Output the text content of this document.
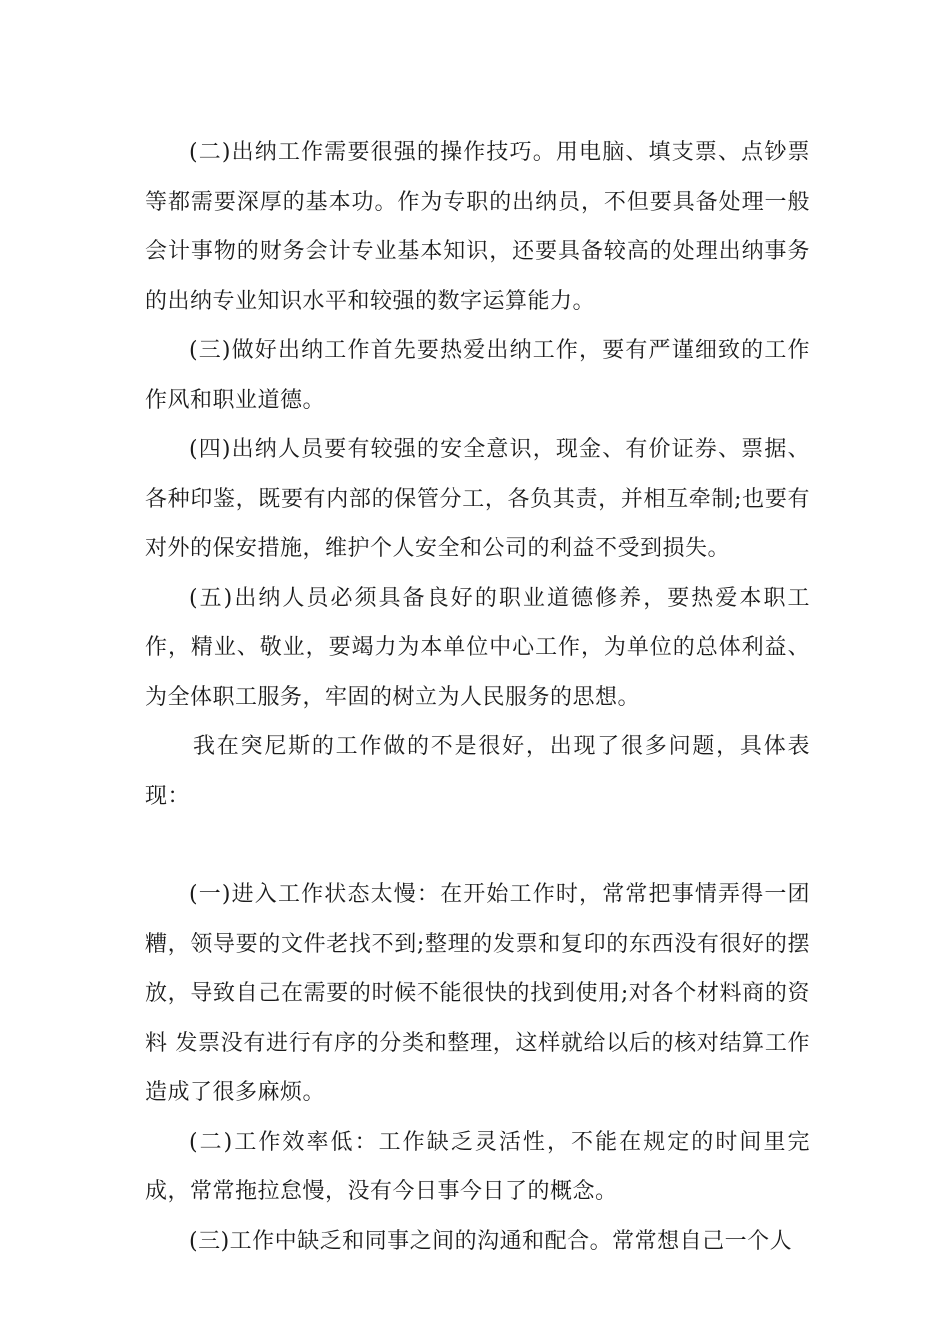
(二)出纳工作需要很强的操作技巧。用电脑、填支票、点钞票等都需要深厚的基本功。作为专职的出纳员，不但要具备处理一般会计事物的财务会计专业基本知识，还要具备较高的处理出纳事务的出纳专业知识水平和较强的数字运算能力。

(三)做好出纳工作首先要热爱出纳工作，要有严谨细致的工作作风和职业道德。

(四)出纳人员要有较强的安全意识，现金、有价证券、票据、各种印鉴，既要有内部的保管分工，各负其责，并相互牵制;也要有对外的保安措施，维护个人安全和公司的利益不受到损失。

(五)出纳人员必须具备良好的职业道德修养，要热爱本职工作，精业、敬业，要竭力为本单位中心工作，为单位的总体利益、为全体职工服务，牢固的树立为人民服务的思想。

我在突尼斯的工作做的不是很好，出现了很多问题，具体表现：

(一)进入工作状态太慢：在开始工作时，常常把事情弄得一团糟，领导要的文件老找不到;整理的发票和复印的东西没有很好的摆放，导致自己在需要的时候不能很快的找到使用;对各个材料商的资料 发票没有进行有序的分类和整理，这样就给以后的核对结算工作造成了很多麻烦。

(二)工作效率低：工作缺乏灵活性，不能在规定的时间里完成，常常拖拉怠慢，没有今日事今日了的概念。

(三)工作中缺乏和同事之间的沟通和配合。常常想自己一个人
